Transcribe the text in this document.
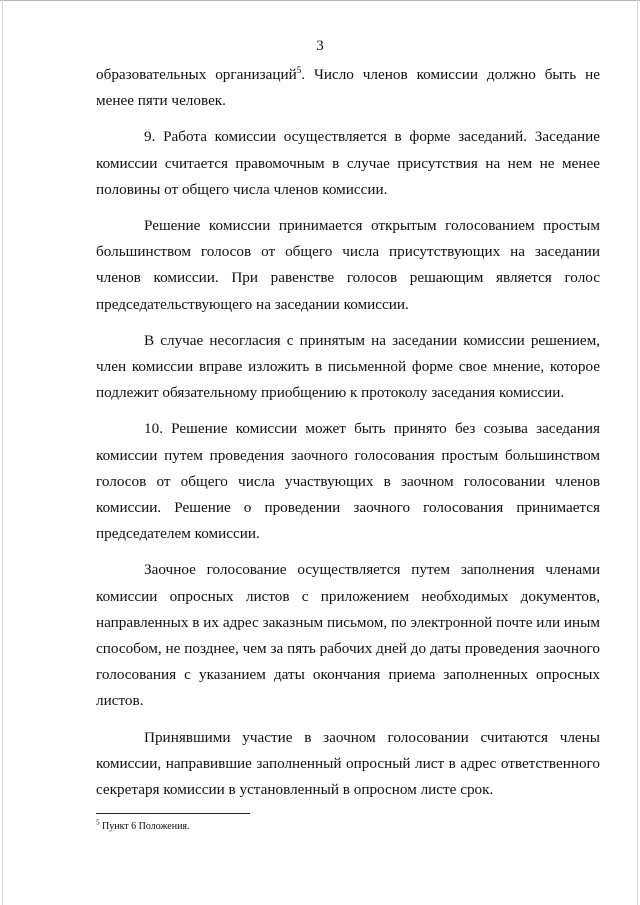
3

образовательных организаций$^5$. Число членов комиссии должно быть не менее пяти человек.

9. Работа комиссии осуществляется в форме заседаний. Заседание комиссии считается правомочным в случае присутствия на нем не менее половины от общего числа членов комиссии.

Решение комиссии принимается открытым голосованием простым большинством голосов от общего числа присутствующих на заседании членов комиссии. При равенстве голосов решающим является голос председательствующего на заседании комиссии.

В случае несогласия с принятым на заседании комиссии решением, член комиссии вправе изложить в письменной форме свое мнение, которое подлежит обязательному приобщению к протоколу заседания комиссии.

10. Решение комиссии может быть принято без созыва заседания комиссии путем проведения заочного голосования простым большинством голосов от общего числа участвующих в заочном голосовании членов комиссии. Решение о проведении заочного голосования принимается председателем комиссии.

Заочное голосование осуществляется путем заполнения членами комиссии опросных листов с приложением необходимых документов, направленных в их адрес заказным письмом, по электронной почте или иным способом, не позднее, чем за пять рабочих дней до даты проведения заочного голосования с указанием даты окончания приема заполненных опросных листов.

Принявшими участие в заочном голосовании считаются члены комиссии, направившие заполненный опросный лист в адрес ответственного секретаря комиссии в установленный в опросном листе срок.

$^5$ Пункт 6 Положения.
